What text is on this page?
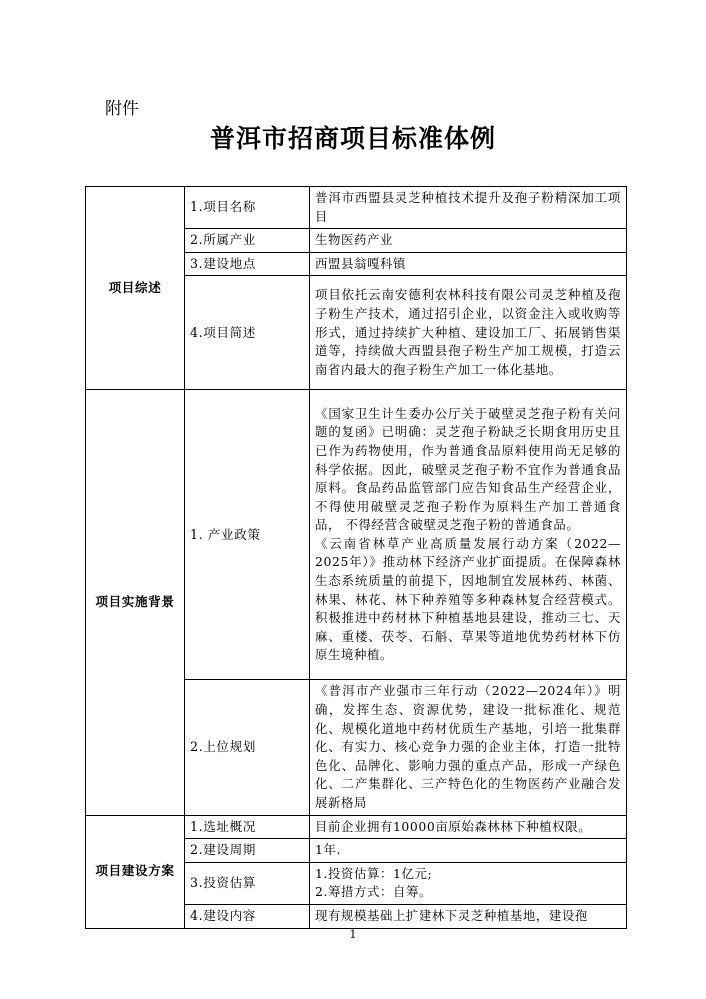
附件
普洱市招商项目标准体例
项目综述	1.项目名称	普洱市西盟县灵芝种植技术提升及孢子粉精深加工项目
	2.所属产业	生物医药产业
	3.建设地点	西盟县翁嘎科镇
	4.项目简述	项目依托云南安德利农林科技有限公司灵芝种植及孢子粉生产技术，通过招引企业，以资金注入或收购等形式，通过持续扩大种植、建设加工厂、拓展销售渠道等，持续做大西盟县孢子粉生产加工规模，打造云南省内最大的孢子粉生产加工一体化基地。
项目实施背景	1. 产业政策	《国家卫生计生委办公厅关于破壁灵芝孢子粉有关问题的复函》已明确：灵芝孢子粉缺乏长期食用历史且已作为药物使用，作为普通食品原料使用尚无足够的科学依据。因此，破壁灵芝孢子粉不宜作为普通食品原料。食品药品监管部门应告知食品生产经营企业，不得使用破壁灵芝孢子粉作为原料生产加工普通食品， 不得经营含破壁灵芝孢子粉的普通食品。
《云南省林草产业高质量发展行动方案（2022—2025年）》推动林下经济产业扩面提质。在保障森林生态系统质量的前提下，因地制宜发展林药、林菌、林果、林花、林下种养殖等多种森林复合经营模式。积极推进中药材林下种植基地县建设，推动三七、天麻、重楼、茯苓、石斛、草果等道地优势药材林下仿原生境种植。

	2.上位规划	《普洱市产业强市三年行动（2022—2024年）》明确，发挥生态、资源优势，建设一批标准化、规范化、规模化道地中药材优质生产基地，引培一批集群化、有实力、核心竞争力强的企业主体，打造一批特色化、品牌化、影响力强的重点产品，形成一产绿色化、二产集群化、三产特色化的生物医药产业融合发展新格局
项目建设方案	1.选址概况	目前企业拥有10000亩原始森林林下种植权限。
	2.建设周期	1年.
	3.投资估算	1.投资估算：1亿元;
2.筹措方式：自筹。

	4.建设内容	现有规模基础上扩建林下灵芝种植基地，建设孢
1
